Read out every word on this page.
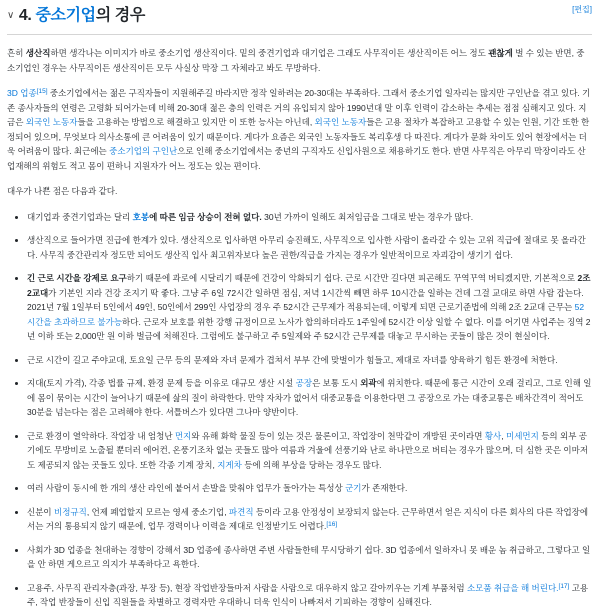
∨ 4. 중소기업의 경우	[편집]

흔히 생산직하면 생각나는 이미지가 바로 중소기업 생산직이다. 밑의 중견기업과 대기업은 그래도 사무직이든 생산직이든 어느 정도 괜찮게 벌 수 있는 반면, 중소기업인 경우는 사무직이든 생산직이든 모두 사실상 막장 그 자체라고 봐도 무방하다.

3D 업종[15] 중소기업에서는 젊은 구직자들이 지원해주길 바라지만 정작 일하려는 20-30대는 부족하다. 그래서 중소기업 일자리는 많지만 구인난을 겪고 있다. 기존 종사자들의 연령은 고령화 되어가는데 비해 20-30대 젊은 층의 인력은 거의 유입되지 않아 1990년대 말 이후 인력이 감소하는 추세는 점점 심해지고 있다. 지금은 외국인 노동자들을 고용하는 방법으로 해결하고 있지만 이 또한 능사는 아닌데, 외국인 노동자들은 고용 절차가 복잡하고 고용할 수 있는 인원, 기간 또한 한정되어 있으며, 무엇보다 의사소통에 큰 어려움이 있기 때문이다. 게다가 요즘은 외국인 노동자들도 복리후생 다 따진다. 게다가 문화 차이도 있어 현장에서는 더욱 어려움이 많다. 최근에는 중소기업의 구인난으로 인해 중소기업에서는 중년의 구직자도 신입사원으로 채용하기도 한다. 반면 사무직은 아무리 막장이라도 산업재해의 위험도 적고 몸이 편하니 지원자가 어느 정도는 있는 편이다.

대우가 나쁜 점은 다음과 같다.

• 대기업과 중견기업과는 달리 호봉에 따른 임금 상승이 전혀 없다. 30년 가까이 일해도 최저임금을 그대로 받는 경우가 많다.
• 생산직으로 들어가면 진급에 한계가 있다. 생산직으로 입사하면 아무리 승진해도, 사무직으로 입사한 사람이 올라갈 수 있는 고위 직급에 절대로 못 올라간다. 사무직 중간관리자 정도만 되어도 생산직 입사 최고위자보다 높은 권한/직급을 가지는 경우가 일반적이므로 자괴감이 생기기 쉽다.
• 긴 근로 시간을 강제로 요구하기 때문에 과로에 시달리기 때문에 건강이 악화되기 쉽다. 근로 시간만 길다면 피곤해도 꾸역꾸역 버티겠지만, 기본적으로 2조 2교대가 기본인 지라 건강 조지기 딱 좋다. 그냥 주 6일 72시간 일하면 점심, 저녁 1시간씩 빼면 하루 10시간을 일하는 건데 그걸 교대로 하면 사람 잡는다. 2021년 7월 1일부터 5인에서 49인, 50인에서 299인 사업장의 경우 주 52시간 근무제가 적용되는데, 이렇게 되면 근로기준법에 의해 2조 2교대 근무는 52시간을 초과하므로 불가능하다. 근로자 보호를 위한 강행 규정이므로 노사가 합의하더라도 1주일에 52시간 이상 일할 수 없다. 이를 어기면 사업주는 징역 2년 이하 또는 2,000만 원 이하 벌금에 처해진다. 그럼에도 불구하고 주 5일제와 주 52시간 근무제를 대놓고 무시하는 곳들이 많은 것이 현실이다.
• 근로 시간이 길고 주야교대, 토요일 근무 등의 문제와 자녀 문제가 겹쳐서 부부 간에 맞벌이가 힘들고, 제대로 자녀를 양육하기 힘든 환경에 처한다.
• 지대(토지 가격), 각종 법률 규제, 환경 문제 등을 이유로 대규모 생산 시설 공장은 보통 도시 외곽에 위치한다. 때문에 통근 시간이 오래 걸리고, 그로 인해 일에 몸이 묶이는 시간이 늘어나기 때문에 삶의 질이 하락한다. 만약 자차가 없어서 대중교통을 이용한다면 그 공장으로 가는 대중교통은 배차간격이 적어도 30분을 넘는다는 점은 고려해야 한다. 셔틀버스가 있다면 그나마 양반이다.
• 근로 환경이 열악하다. 작업장 내 엄청난 먼지와 유해 화학 물질 등이 있는 것은 물론이고, 작업장이 천막같이 개방된 곳이라면 황사, 미세먼지 등의 외부 공기에도 무방비로 노출될 뿐더러 에어컨, 온풍기조차 없는 곳들도 많아 여름과 겨울에 선풍기와 난로 하나만으로 버티는 경우가 많으며, 더 심한 곳은 이마저도 제공되지 않는 곳들도 있다. 또한 각종 기계 장치, 지게차 등에 의해 부상을 당하는 경우도 많다.
• 여러 사람이 동시에 한 개의 생산 라인에 붙어서 손발을 맞춰야 업무가 돌아가는 특성상 군기가 존재한다.
• 신분이 비정규직, 언제 폐업할지 모르는 영세 중소기업, 파견직 등이라 고용 안정성이 보장되지 않는다. 근무하면서 얻은 지식이 다른 회사의 다른 작업장에서는 거의 통용되지 않기 때문에, 업무 경력이나 이력을 제대로 인정받기도 어렵다.[16]
• 사회가 3D 업종을 천대하는 경향이 강해서 3D 업종에 종사하면 주변 사람들한테 무시당하기 쉽다. 3D 업종에서 일하자니 못 배운 놈 취급하고, 그렇다고 일을 안 하면 게으르고 의지가 부족하다고 욕한다.
• 고용주, 사무직 관리자층(과장, 부장 등), 현장 작업반장들마저 사람을 사람으로 대우하지 않고 갈아끼우는 기계 부품처럼 소모품 취급을 해 버린다.[17] 고용주, 작업 반장들이 신입 직원들을 차별하고 경력자만 우대하니 더욱 인식이 나빠져서 기피하는 경향이 심해진다.
